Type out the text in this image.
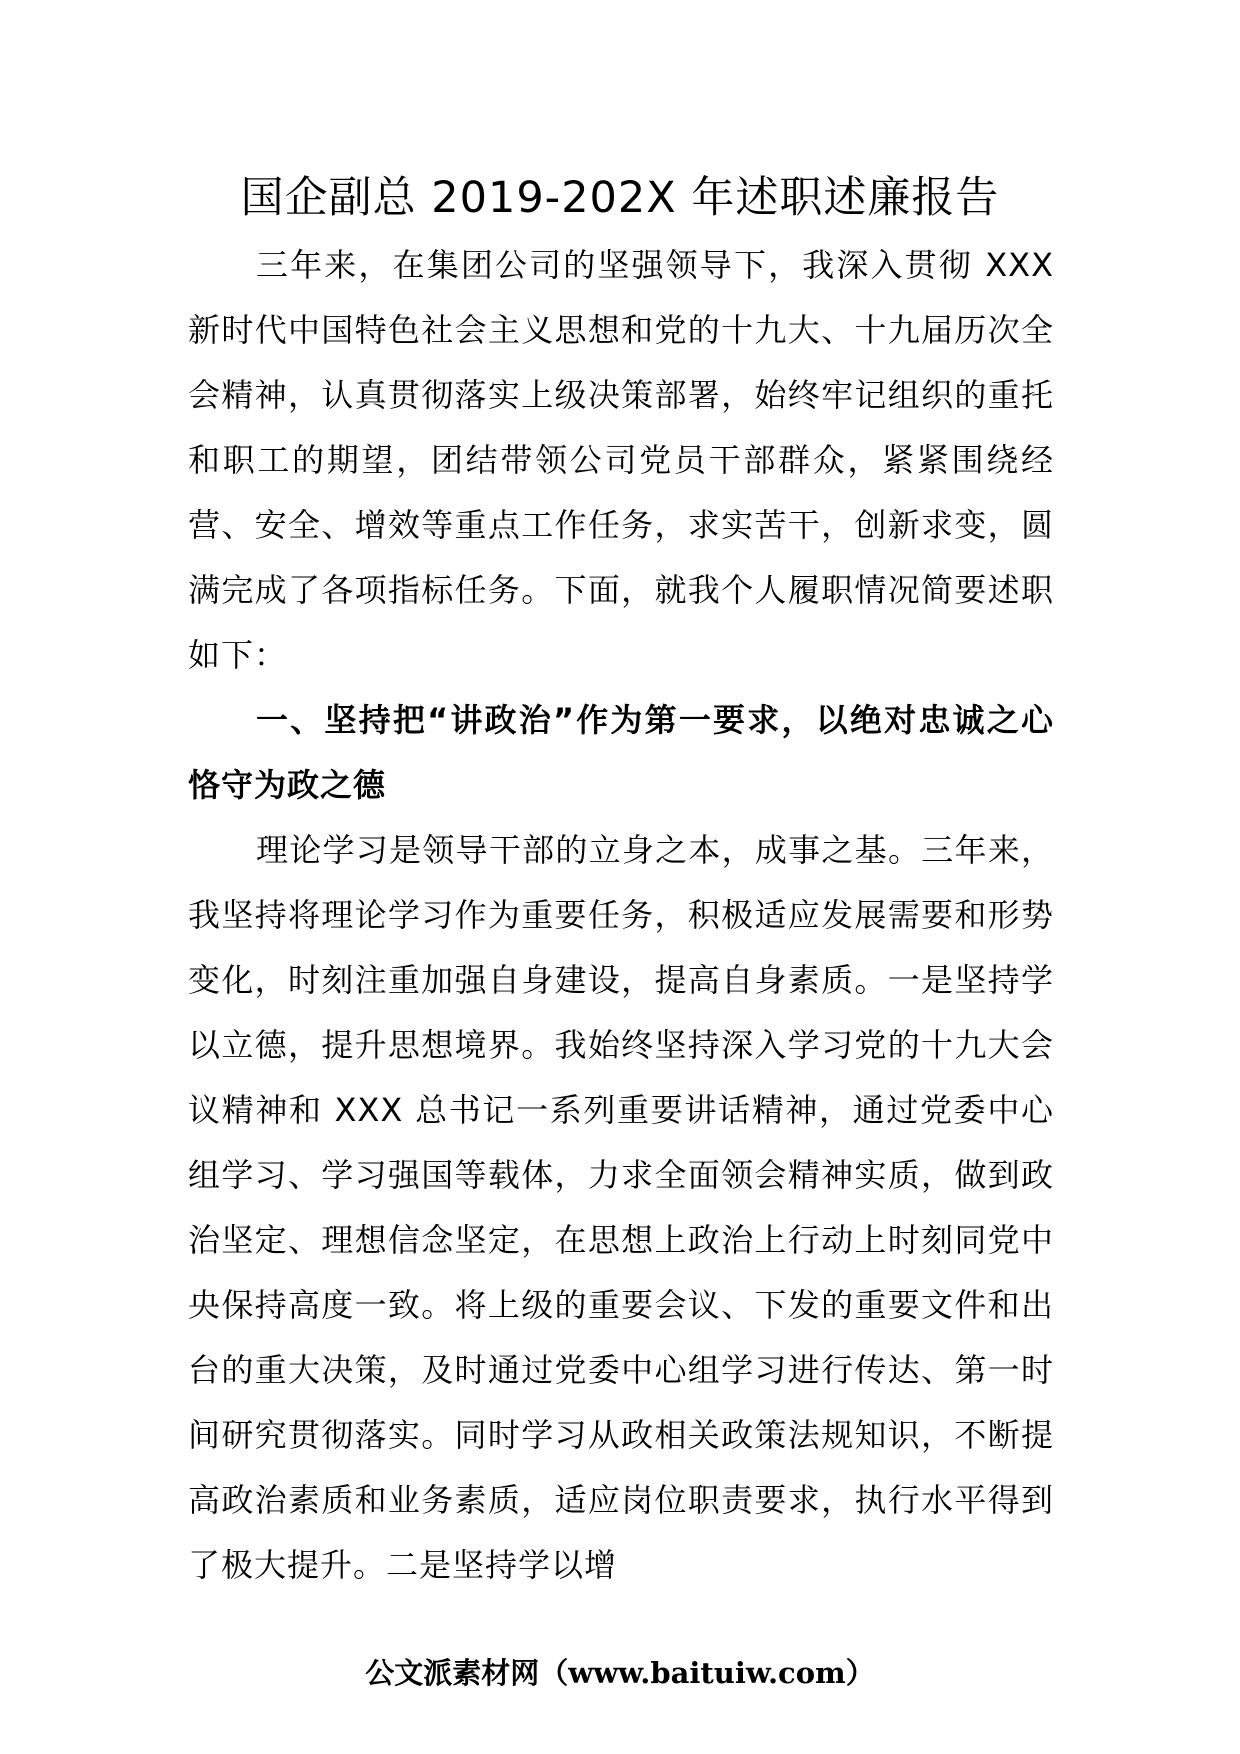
国企副总 2019-202X 年述职述廉报告

三年来，在集团公司的坚强领导下，我深入贯彻 XXX 新时代中国特色社会主义思想和党的十九大、十九届历次全会精神，认真贯彻落实上级决策部署，始终牢记组织的重托和职工的期望，团结带领公司党员干部群众，紧紧围绕经营、安全、增效等重点工作任务，求实苦干，创新求变，圆满完成了各项指标任务。下面，就我个人履职情况简要述职如下：

一、坚持把“讲政治”作为第一要求，以绝对忠诚之心恪守为政之德

理论学习是领导干部的立身之本，成事之基。三年来，我坚持将理论学习作为重要任务，积极适应发展需要和形势变化，时刻注重加强自身建设，提高自身素质。一是坚持学以立德，提升思想境界。我始终坚持深入学习党的十九大会议精神和 XXX 总书记一系列重要讲话精神，通过党委中心组学习、学习强国等载体，力求全面领会精神实质，做到政治坚定、理想信念坚定，在思想上政治上行动上时刻同党中央保持高度一致。将上级的重要会议、下发的重要文件和出台的重大决策，及时通过党委中心组学习进行传达、第一时间研究贯彻落实。同时学习从政相关政策法规知识，不断提高政治素质和业务素质，适应岗位职责要求，执行水平得到了极大提升。二是坚持学以增

公文派素材网（www.baituiw.com）
